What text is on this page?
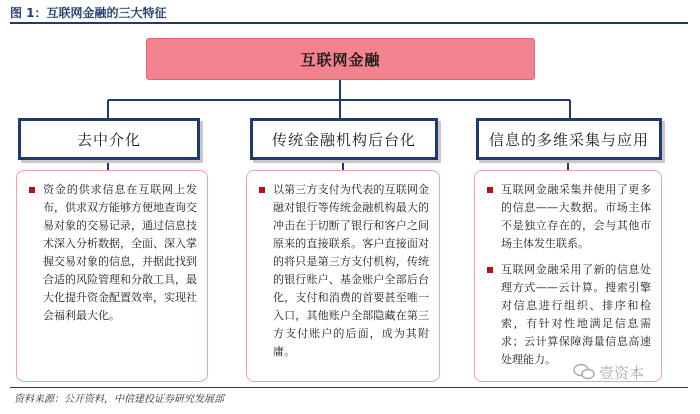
图 1：互联网金融的三大特征
互联网金融
去中介化	传统金融机构后台化	信息的多维采集与应用
资金的供求信息在互联网上发布，供求双方能够方便地查询交易对象的交易记录，通过信息技术深入分析数据，全面、深入掌握交易对象的信息，并据此找到合适的风险管理和分散工具，最大化提升资金配置效率，实现社会福利最大化。
以第三方支付为代表的互联网金融对银行等传统金融机构最大的冲击在于切断了银行和客户之间原来的直接联系。客户直接面对的将只是第三方支付机构，传统的银行账户、基金账户全部后台化，支付和消费的首要甚至唯一入口，其他账户全部隐藏在第三方支付账户的后面，成为其附庸。
互联网金融采集并使用了更多的信息——大数据。市场主体不是独立存在的，会与其他市场主体发生联系。
互联网金融采用了新的信息处理方式——云计算。搜索引擎对信息进行组织、排序和检索，有针对性地满足信息需求；云计算保障海量信息高速处理能力。
资料来源：公开资料，中信建投证券研究发展部
壹资本
